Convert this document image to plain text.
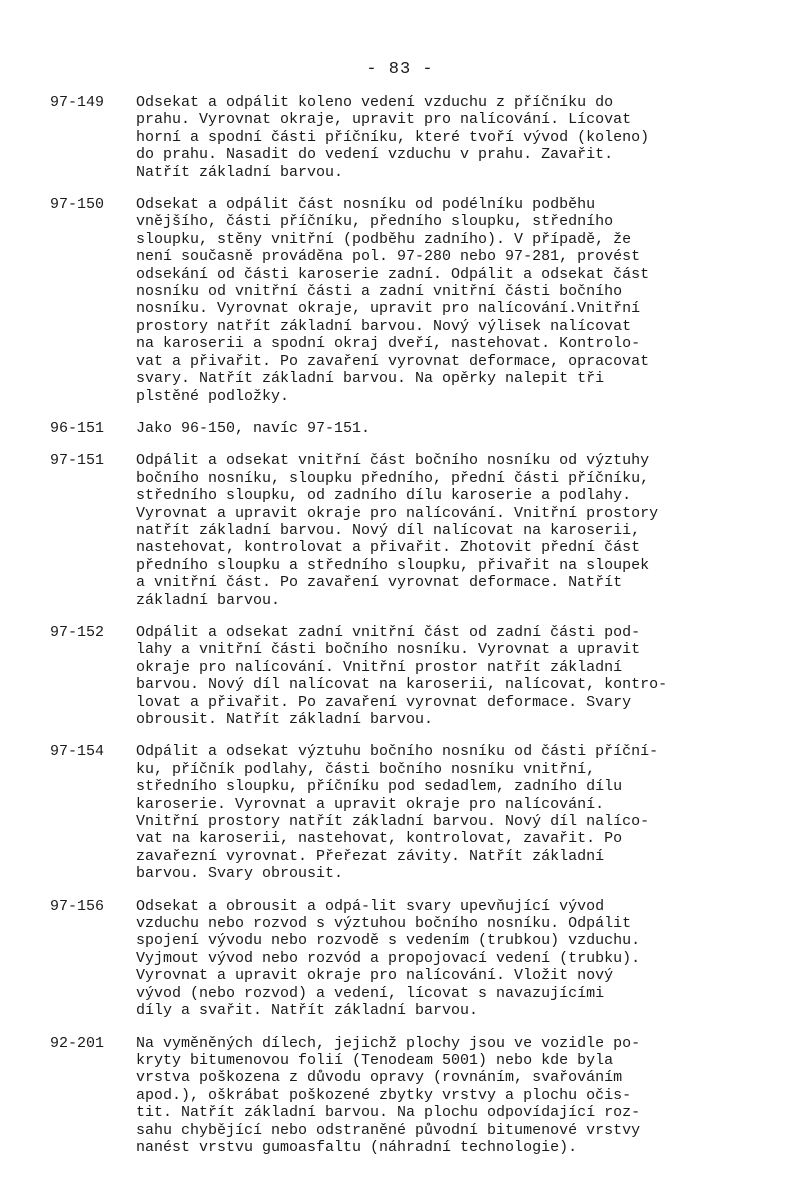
- 83 -
97-149	Odsekat a odpálit koleno vedení vzduchu z příčníku do
prahu. Vyrovnat okraje, upravit pro nalícování. Lícovat
horní a spodní části příčníku, které tvoří vývod (koleno)
do prahu. Nasadit do vedení vzduchu v prahu. Zavařit.
Natřít základní barvou.
97-150	Odsekat a odpálit část nosníku od podélníku podběhu
vnějšího, části příčníku, předního sloupku, středního
sloupku, stěny vnitřní (podběhu zadního). V případě, že
není současně prováděna pol. 97-280 nebo 97-281, provést
odsekání od části karoserie zadní. Odpálit a odsekat část
nosníku od vnitřní části a zadní vnitřní části bočního
nosníku. Vyrovnat okraje, upravit pro nalícování.Vnitřní
prostory natřít základní barvou. Nový výlisek nalícovat
na karoserii a spodní okraj dveří, nastehovat. Kontrolo-
vat a přivařit. Po zavaření vyrovnat deformace, opracovat
svary. Natřít základní barvou. Na opěrky nalepit tři
plstěné podložky.
96-151	Jako 96-150, navíc 97-151.
97-151	Odpálit a odsekat vnitřní část bočního nosníku od výztuhy
bočního nosníku, sloupku předního, přední části příčníku,
středního sloupku, od zadního dílu karoserie a podlahy.
Vyrovnat a upravit okraje pro nalícování. Vnitřní prostory
natřít základní barvou. Nový díl nalícovat na karoserii,
nastehovat, kontrolovat a přivařit. Zhotovit přední část
předního sloupku a středního sloupku, přivařit na sloupek
a vnitřní část. Po zavaření vyrovnat deformace. Natřít
základní barvou.
97-152	Odpálit a odsekat zadní vnitřní část od zadní části pod-
lahy a vnitřní části bočního nosníku. Vyrovnat a upravit
okraje pro nalícování. Vnitřní prostor natřít základní
barvou. Nový díl nalícovat na karoserii, nalícovat, kontro-
lovat a přivařit. Po zavaření vyrovnat deformace. Svary
obrousit. Natřít základní barvou.
97-154	Odpálit a odsekat výztuhu bočního nosníku od části příční-
ku, příčník podlahy, části bočního nosníku vnitřní,
středního sloupku, příčníku pod sedadlem, zadního dílu
karoserie. Vyrovnat a upravit okraje pro nalícování.
Vnitřní prostory natřít základní barvou. Nový díl nalíco-
vat na karoserii, nastehovat, kontrolovat, zavařit. Po
zavařezní vyrovnat. Přeřezat závity. Natřít základní
barvou. Svary obrousit.
97-156	Odsekat a obrousit a odpá-lit svary upevňující vývod
vzduchu nebo rozvod s výztuhou bočního nosníku. Odpálit
spojení vývodu nebo rozvodě s vedením (trubkou) vzduchu.
Vyjmout vývod nebo rozvód a propojovací vedení (trubku).
Vyrovnat a upravit okraje pro nalícování. Vložit nový
vývod (nebo rozvod) a vedení, lícovat s navazujícími
díly a svařit. Natřít základní barvou.
92-201	Na vyměněných dílech, jejichž plochy jsou ve vozidle po-
kryty bitumenovou folií (Tenodeam 5001) nebo kde byla
vrstva poškozena z důvodu opravy (rovnáním, svařováním
apod.), oškrábat poškozené zbytky vrstvy a plochu očis-
tit. Natřít základní barvou. Na plochu odpovídající roz-
sahu chybějící nebo odstraněné původní bitumenové vrstvy
nanést vrstvu gumoasfaltu (náhradní technologie).
